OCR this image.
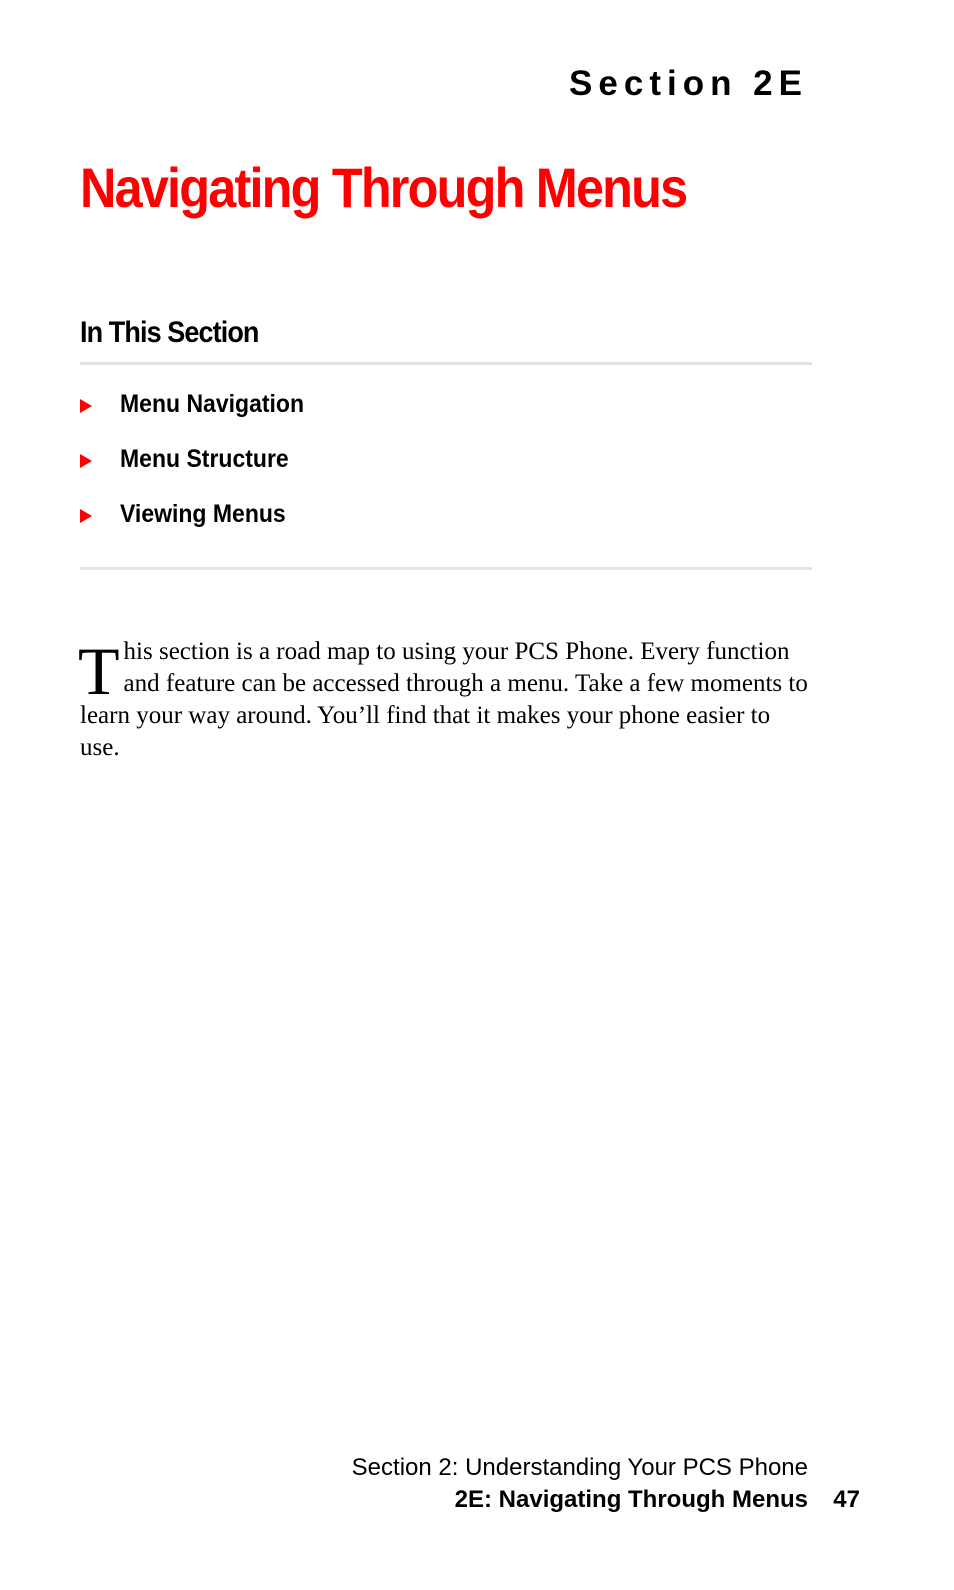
Section 2E
Navigating Through Menus
In This Section
Menu Navigation
Menu Structure
Viewing Menus

This section is a road map to using your PCS Phone. Every function and feature can be accessed through a menu. Take a few moments to learn your way around. You’ll find that it makes your phone easier to use.

Section 2: Understanding Your PCS Phone
2E: Navigating Through Menus 47
